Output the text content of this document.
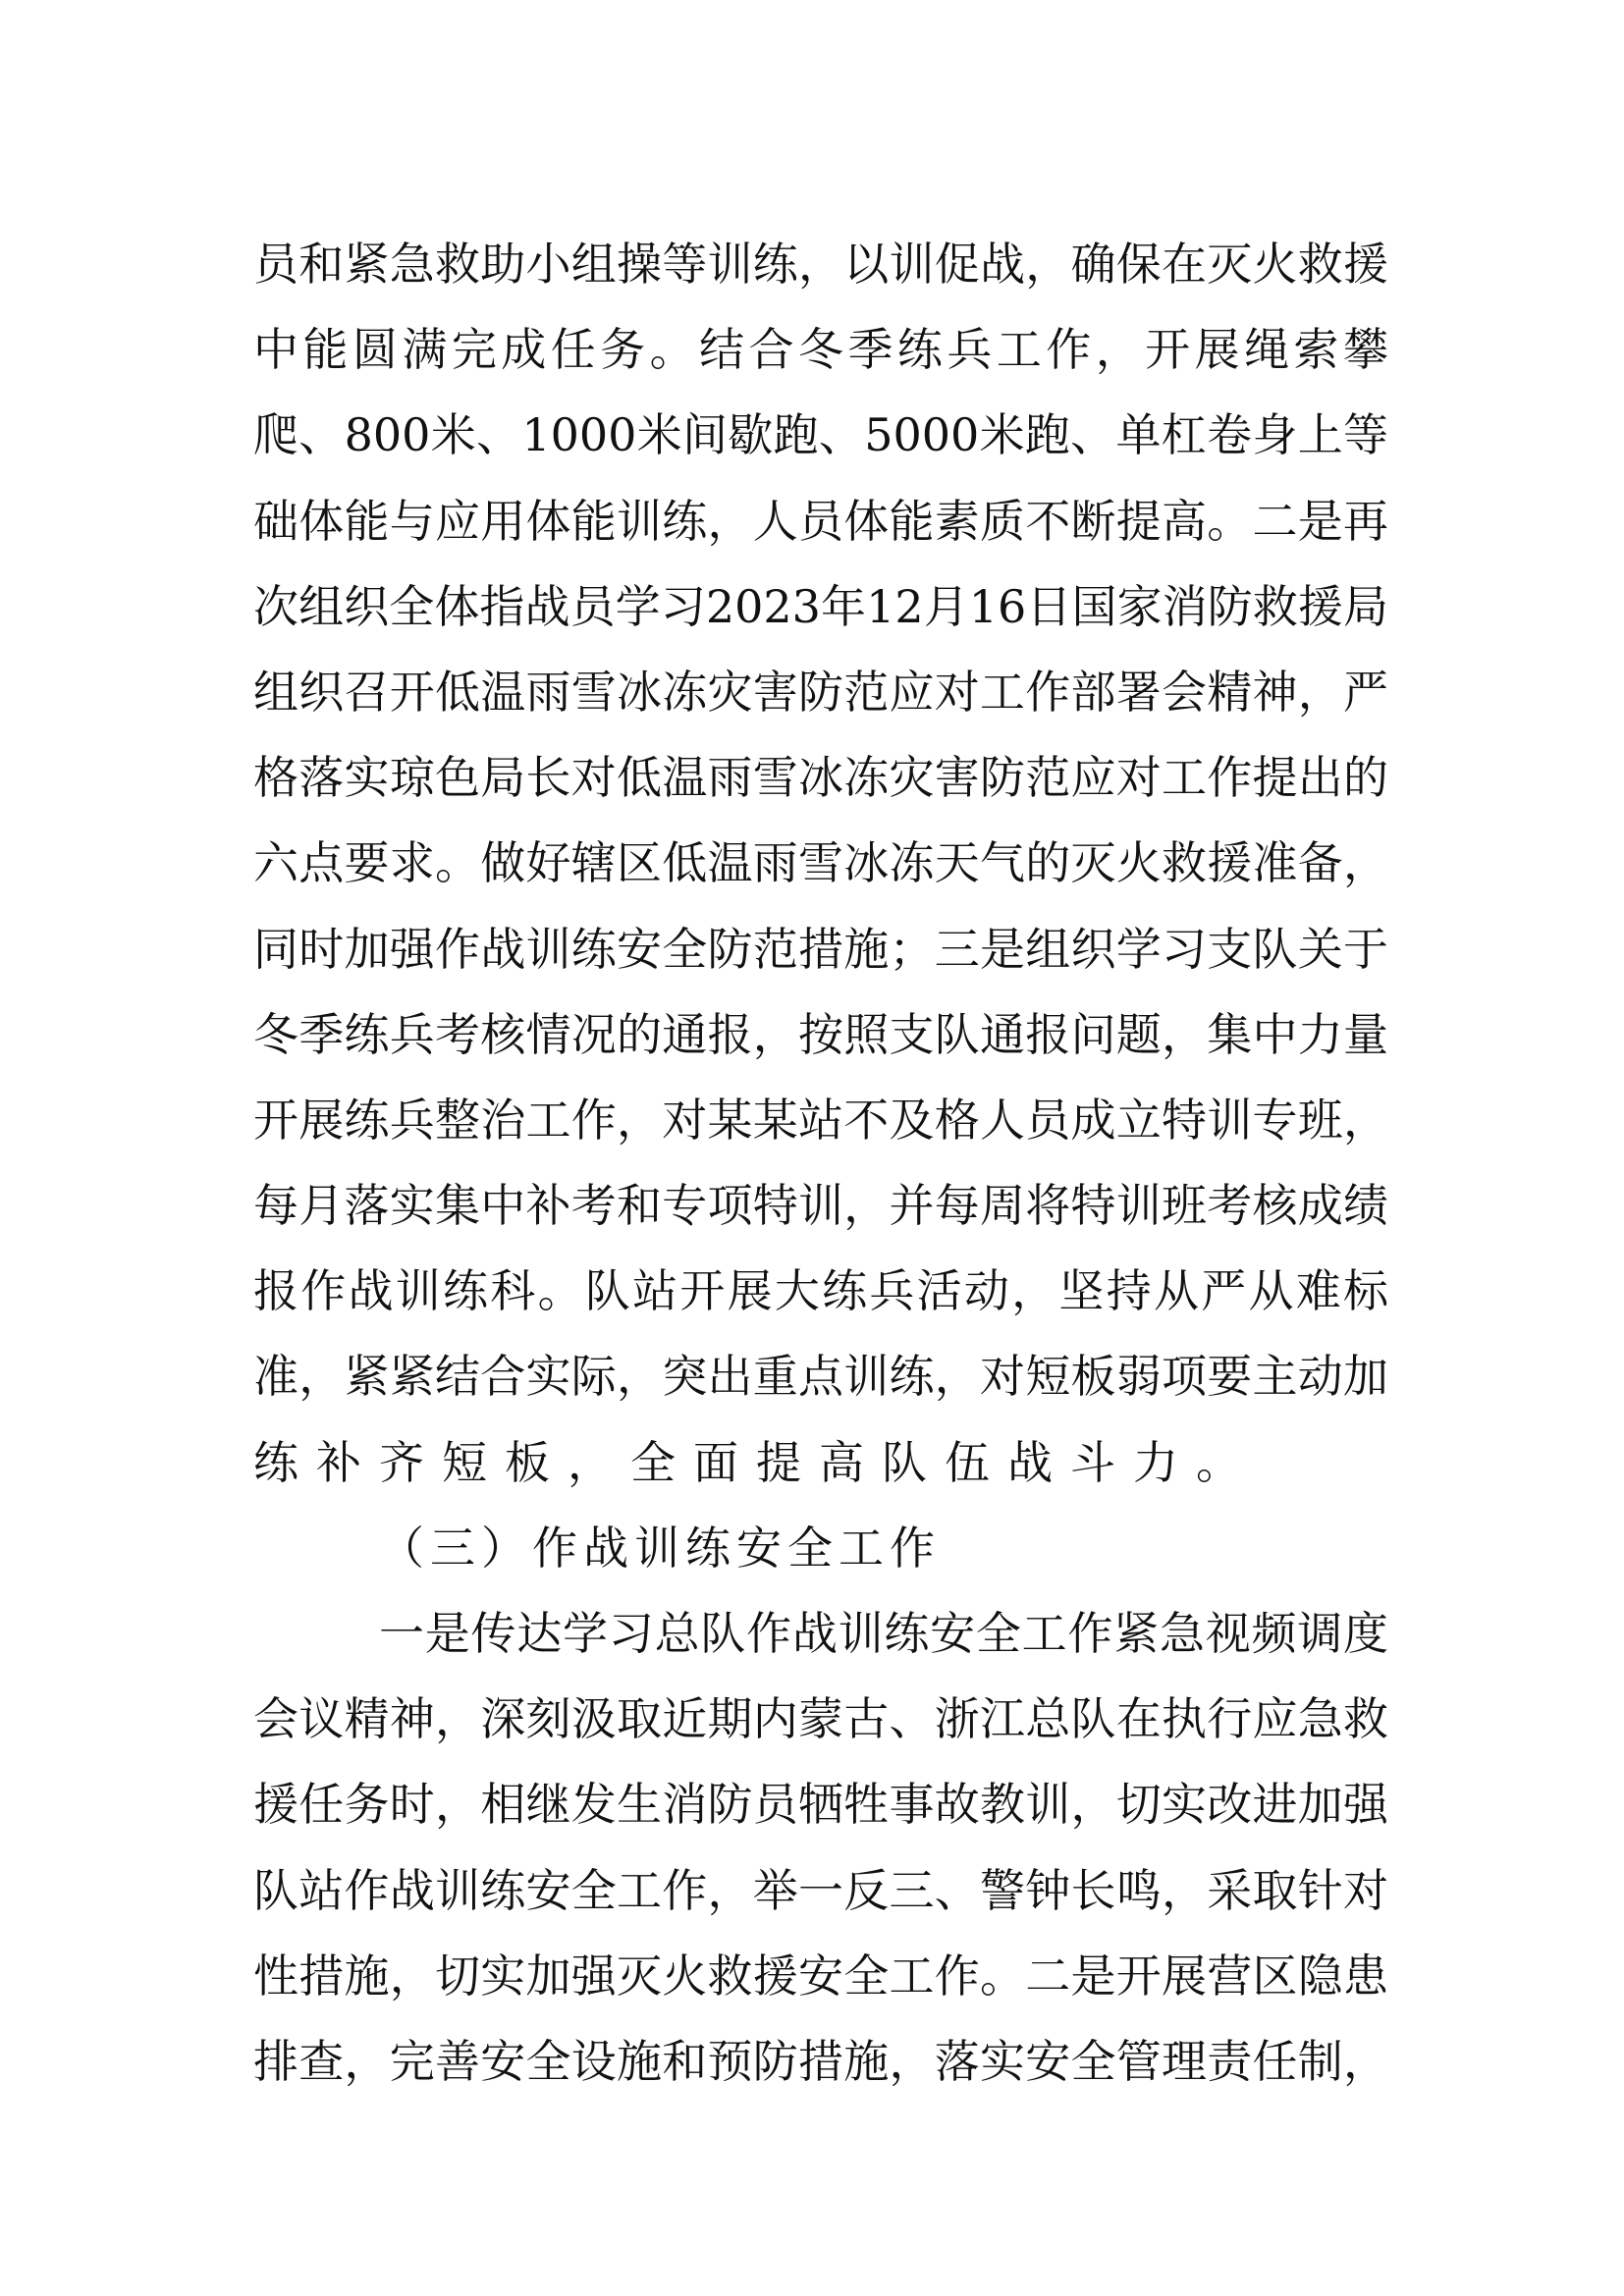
员和紧急救助小组操等训练，以训促战，确保在灭火救援
中能圆满完成任务。结合冬季练兵工作，开展绳索攀
爬、800米、1000米间歇跑、5000米跑、单杠卷身上等
础体能与应用体能训练，人员体能素质不断提高。二是再
次组织全体指战员学习2023年12月16日国家消防救援局
组织召开低温雨雪冰冻灾害防范应对工作部署会精神，严
格落实琼色局长对低温雨雪冰冻灾害防范应对工作提出的
六点要求。做好辖区低温雨雪冰冻天气的灭火救援准备，
同时加强作战训练安全防范措施；三是组织学习支队关于
冬季练兵考核情况的通报，按照支队通报问题，集中力量
开展练兵整治工作，对某某站不及格人员成立特训专班，
每月落实集中补考和专项特训，并每周将特训班考核成绩
报作战训练科。队站开展大练兵活动，坚持从严从难标
准，紧紧结合实际，突出重点训练，对短板弱项要主动加
练补齐短板，全面提高队伍战斗力。
（三）作战训练安全工作
一是传达学习总队作战训练安全工作紧急视频调度
会议精神，深刻汲取近期内蒙古、浙江总队在执行应急救
援任务时，相继发生消防员牺牲事故教训，切实改进加强
队站作战训练安全工作，举一反三、警钟长鸣，采取针对
性措施，切实加强灭火救援安全工作。二是开展营区隐患
排查，完善安全设施和预防措施，落实安全管理责任制，
